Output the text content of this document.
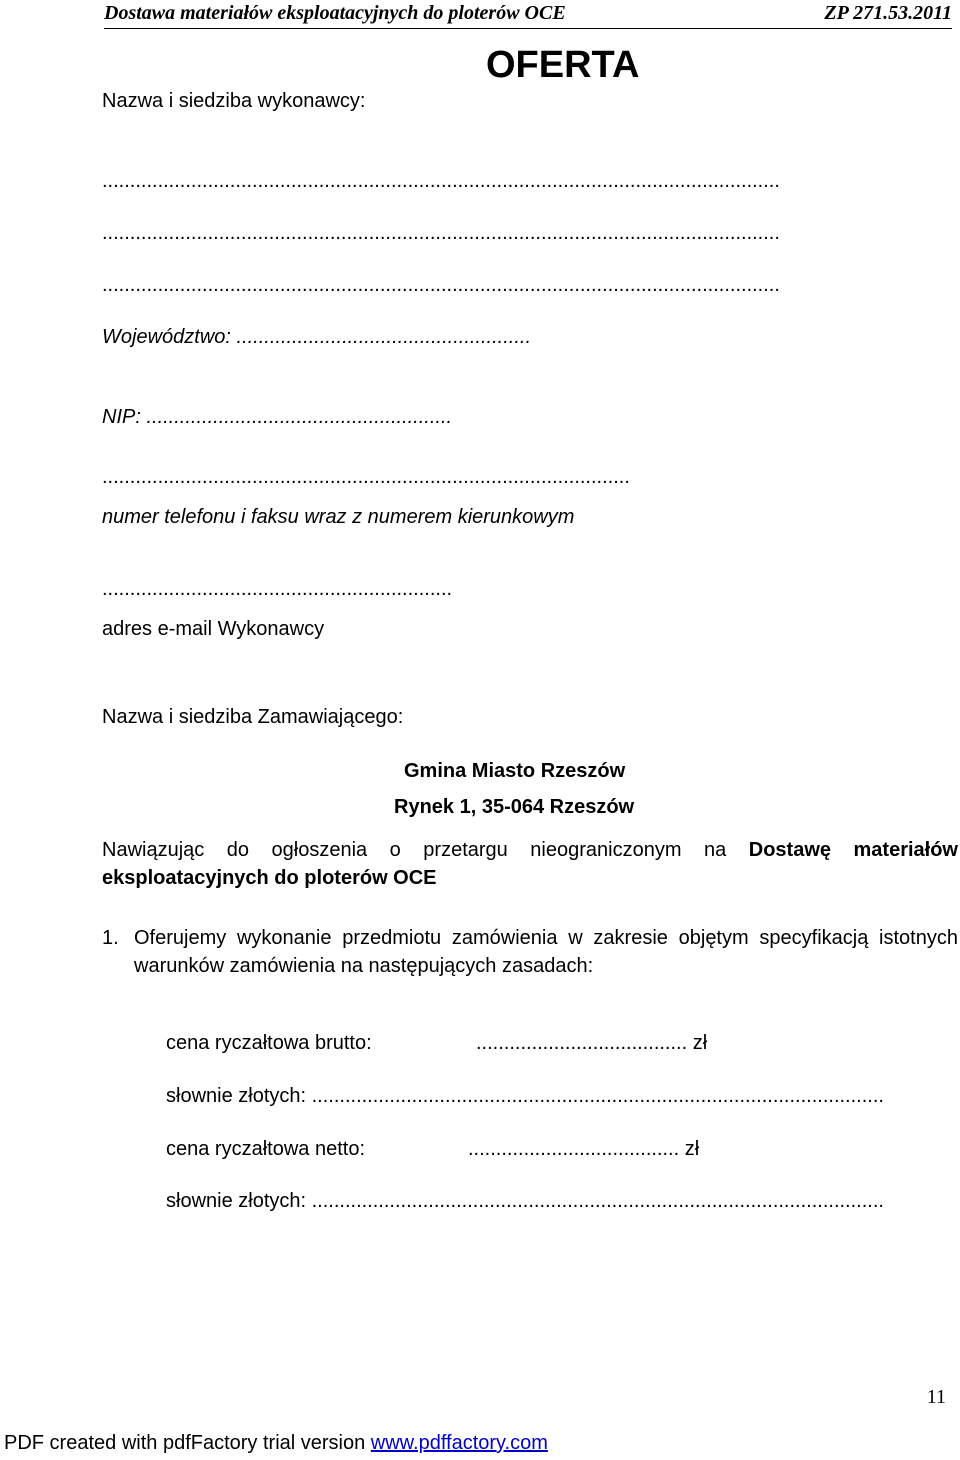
Dostawa materiałów eksploatacyjnych do ploterów OCE	ZP 271.53.2011
OFERTA
Nazwa i siedziba wykonawcy:
..........................................................................................................................
..........................................................................................................................
..........................................................................................................................
Województwo: .....................................................
NIP: .......................................................
...............................................................................................
numer telefonu i faksu wraz z numerem kierunkowym
...............................................................
adres e-mail Wykonawcy
Nazwa i siedziba Zamawiającego:
Gmina Miasto Rzeszów
Rynek 1, 35-064 Rzeszów
Nawiązując do ogłoszenia o przetargu nieograniczonym na Dostawę materiałów eksploatacyjnych do ploterów OCE
1. Oferujemy wykonanie przedmiotu zamówienia w zakresie objętym specyfikacją istotnych warunków zamówienia na następujących zasadach:
cena ryczałtowa brutto:	...................................... zł
słownie złotych: .......................................................................................................
cena ryczałtowa netto:	...................................... zł
słownie złotych: .......................................................................................................
11
PDF created with pdfFactory trial version www.pdffactory.com
